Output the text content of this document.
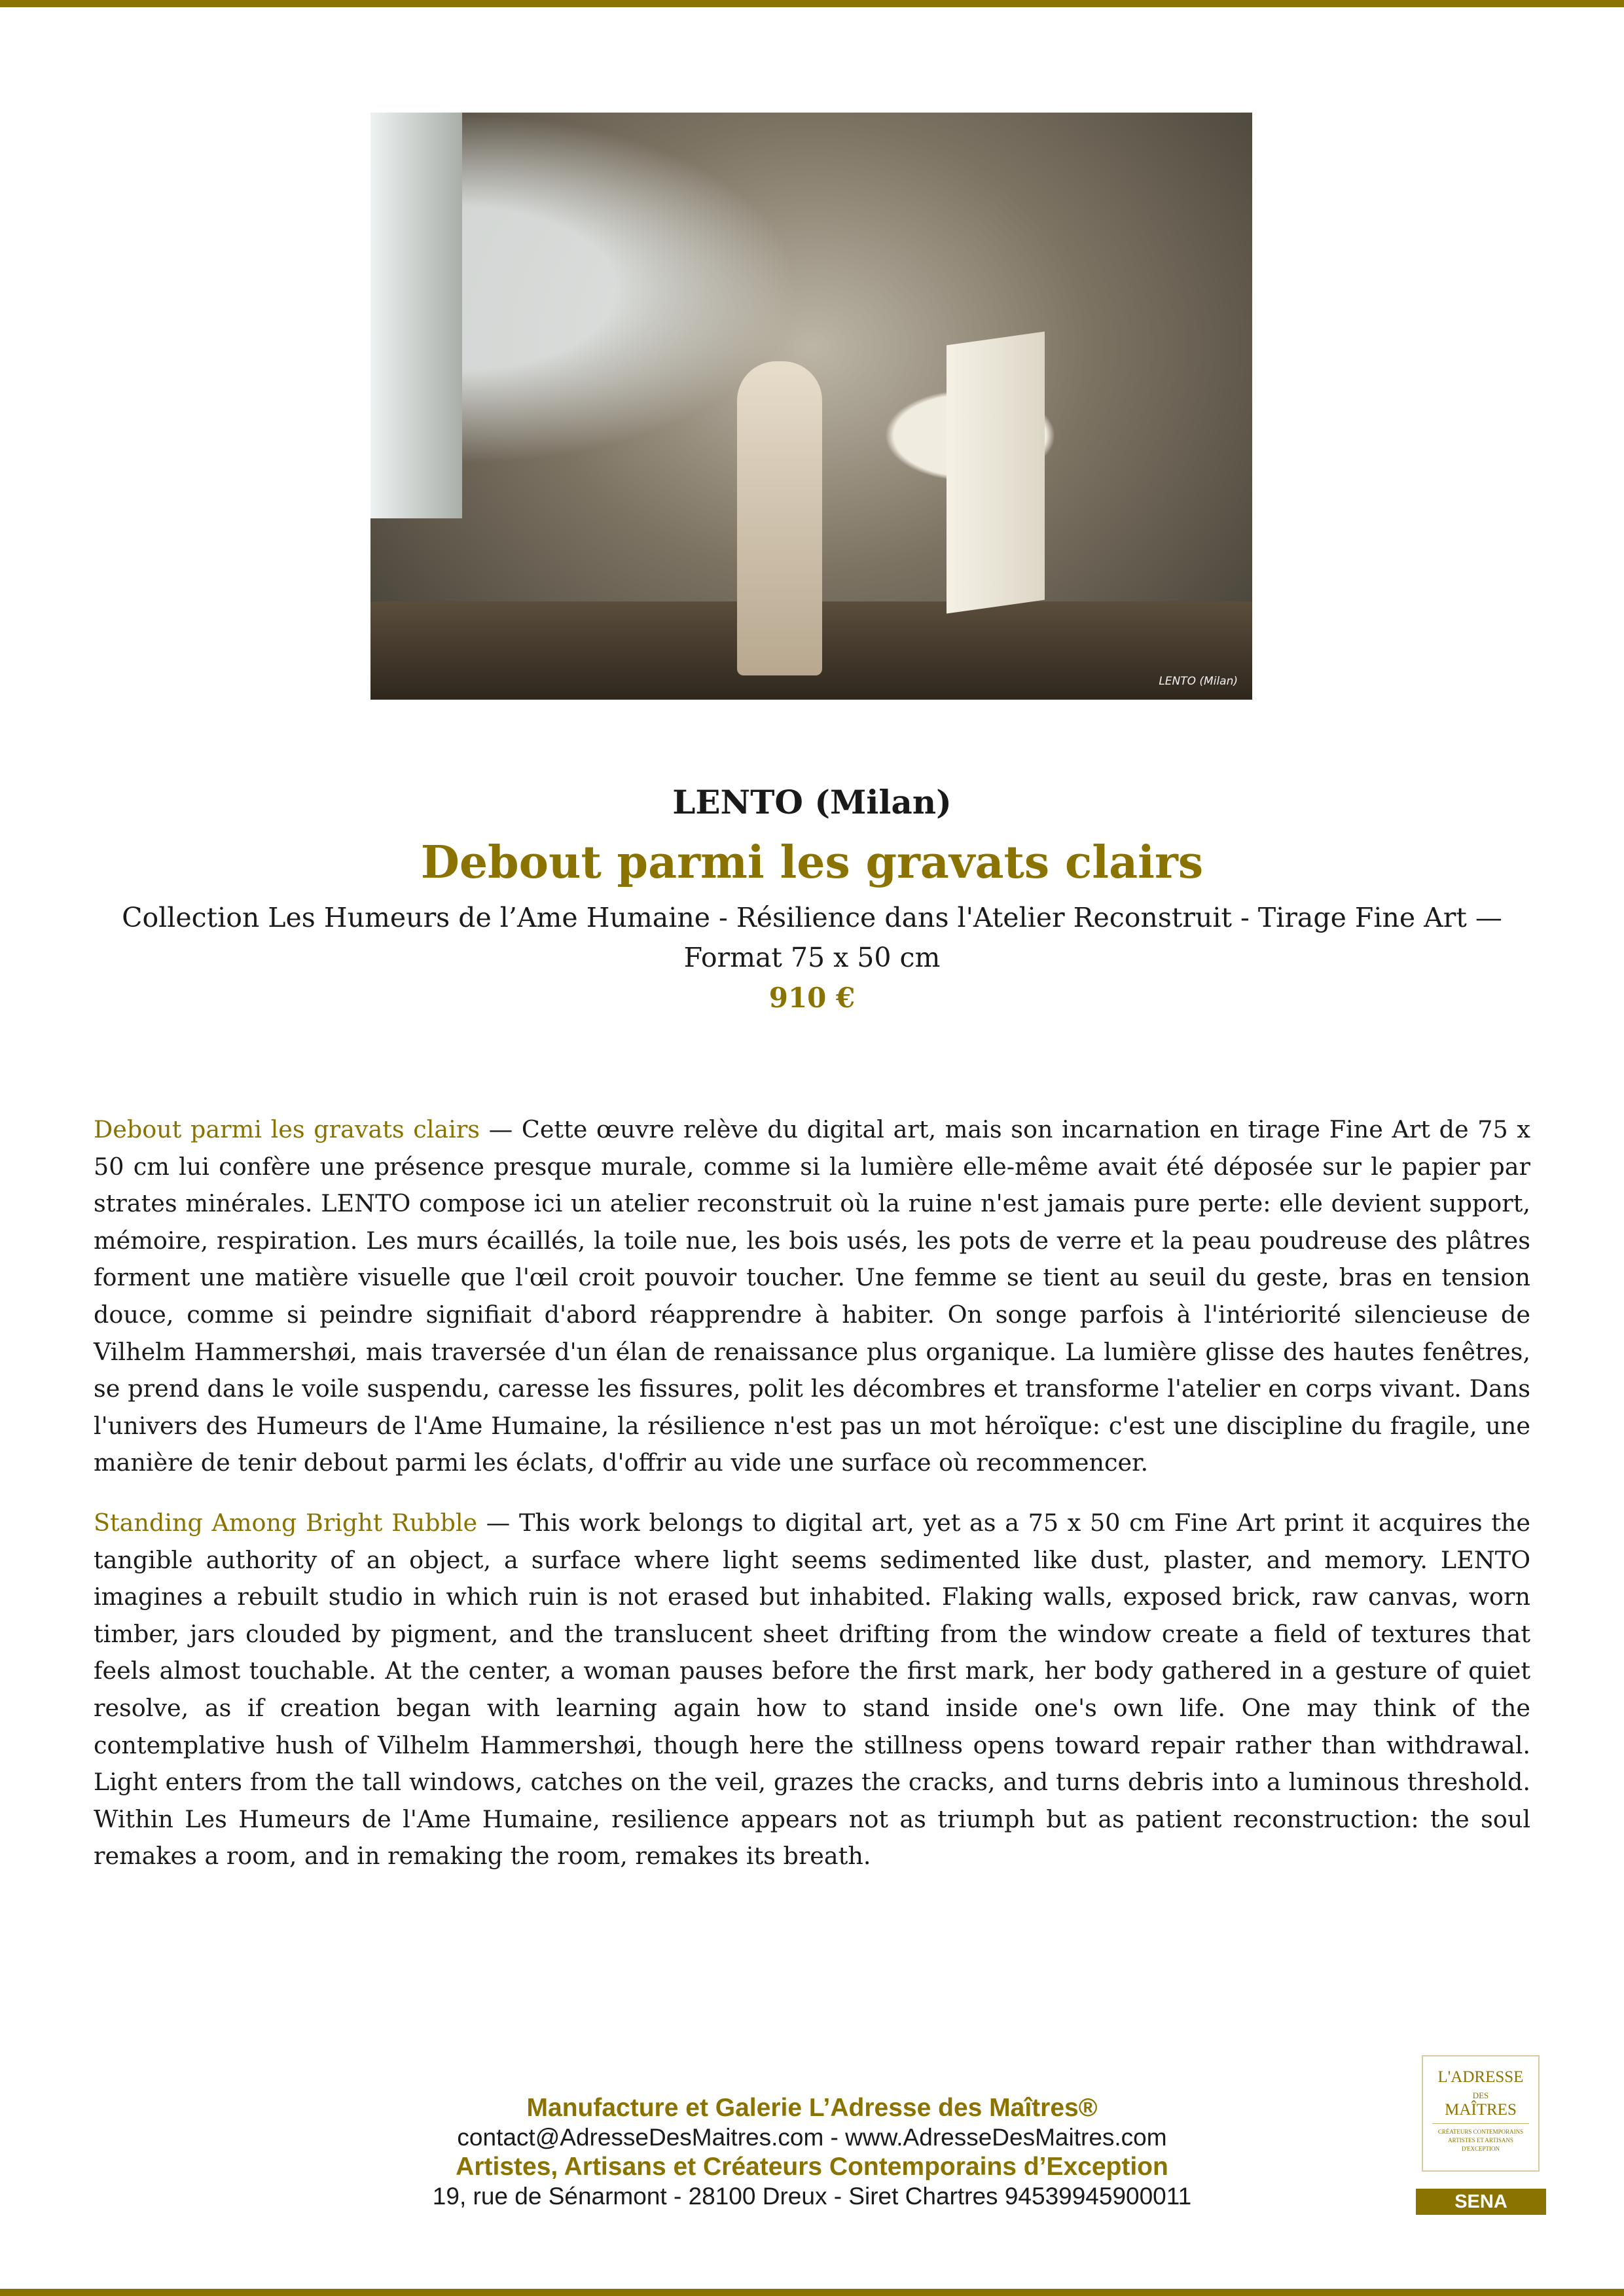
LENTO (Milan)
LENTO (Milan)
Debout parmi les gravats clairs
Collection Les Humeurs de l’Ame Humaine - Résilience dans l'Atelier Reconstruit - Tirage Fine Art — Format 75 x 50 cm
910 €

Debout parmi les gravats clairs — Cette œuvre relève du digital art, mais son incarnation en tirage Fine Art de 75 x 50 cm lui confère une présence presque murale, comme si la lumière elle-même avait été déposée sur le papier par strates minérales. LENTO compose ici un atelier reconstruit où la ruine n'est jamais pure perte: elle devient support, mémoire, respiration. Les murs écaillés, la toile nue, les bois usés, les pots de verre et la peau poudreuse des plâtres forment une matière visuelle que l'œil croit pouvoir toucher. Une femme se tient au seuil du geste, bras en tension douce, comme si peindre signifiait d'abord réapprendre à habiter. On songe parfois à l'intériorité silencieuse de Vilhelm Hammershøi, mais traversée d'un élan de renaissance plus organique. La lumière glisse des hautes fenêtres, se prend dans le voile suspendu, caresse les fissures, polit les décombres et transforme l'atelier en corps vivant. Dans l'univers des Humeurs de l'Ame Humaine, la résilience n'est pas un mot héroïque: c'est une discipline du fragile, une manière de tenir debout parmi les éclats, d'offrir au vide une surface où recommencer.

Standing Among Bright Rubble — This work belongs to digital art, yet as a 75 x 50 cm Fine Art print it acquires the tangible authority of an object, a surface where light seems sedimented like dust, plaster, and memory. LENTO imagines a rebuilt studio in which ruin is not erased but inhabited. Flaking walls, exposed brick, raw canvas, worn timber, jars clouded by pigment, and the translucent sheet drifting from the window create a field of textures that feels almost touchable. At the center, a woman pauses before the first mark, her body gathered in a gesture of quiet resolve, as if creation began with learning again how to stand inside one's own life. One may think of the contemplative hush of Vilhelm Hammershøi, though here the stillness opens toward repair rather than withdrawal. Light enters from the tall windows, catches on the veil, grazes the cracks, and turns debris into a luminous threshold. Within Les Humeurs de l'Ame Humaine, resilience appears not as triumph but as patient reconstruction: the soul remakes a room, and in remaking the room, remakes its breath.

Manufacture et Galerie L’Adresse des Maîtres®
contact@AdresseDesMaitres.com - www.AdresseDesMaitres.com
Artistes, Artisans et Créateurs Contemporains d’Exception
19, rue de Sénarmont - 28100 Dreux - Siret Chartres 94539945900011
L'ADRESSE
DES
MAÎTRES
CRÉATEURS CONTEMPORAINS
ARTISTES ET ARTISANS
D'EXCEPTION
SENA
